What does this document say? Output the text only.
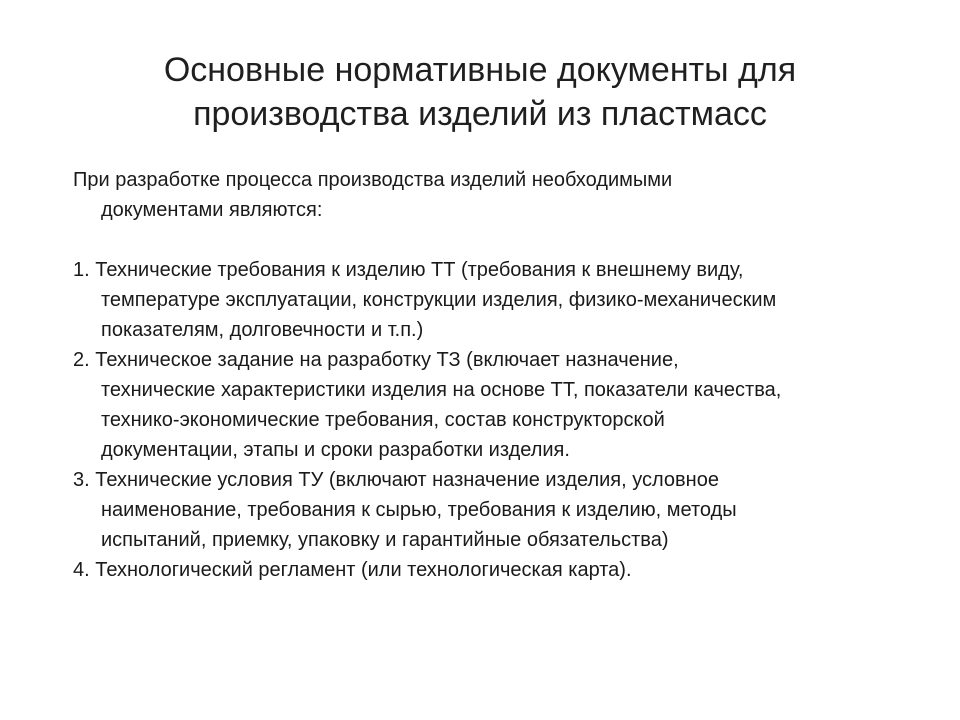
Основные нормативные документы для
производства изделий из пластмасс
При разработке процесса производства изделий необходимыми
документами являются:
1. Технические требования к изделию ТТ (требования к внешнему виду,
температуре эксплуатации, конструкции изделия, физико-механическим
показателям, долговечности и т.п.)
2. Техническое задание на разработку ТЗ (включает назначение,
технические характеристики изделия на основе ТТ, показатели качества,
технико-экономические требования, состав конструкторской
документации, этапы и сроки разработки изделия.
3. Технические условия ТУ (включают назначение изделия, условное
наименование, требования к сырью, требования к изделию, методы
испытаний, приемку, упаковку и гарантийные обязательства)
4. Технологический регламент (или технологическая карта).
